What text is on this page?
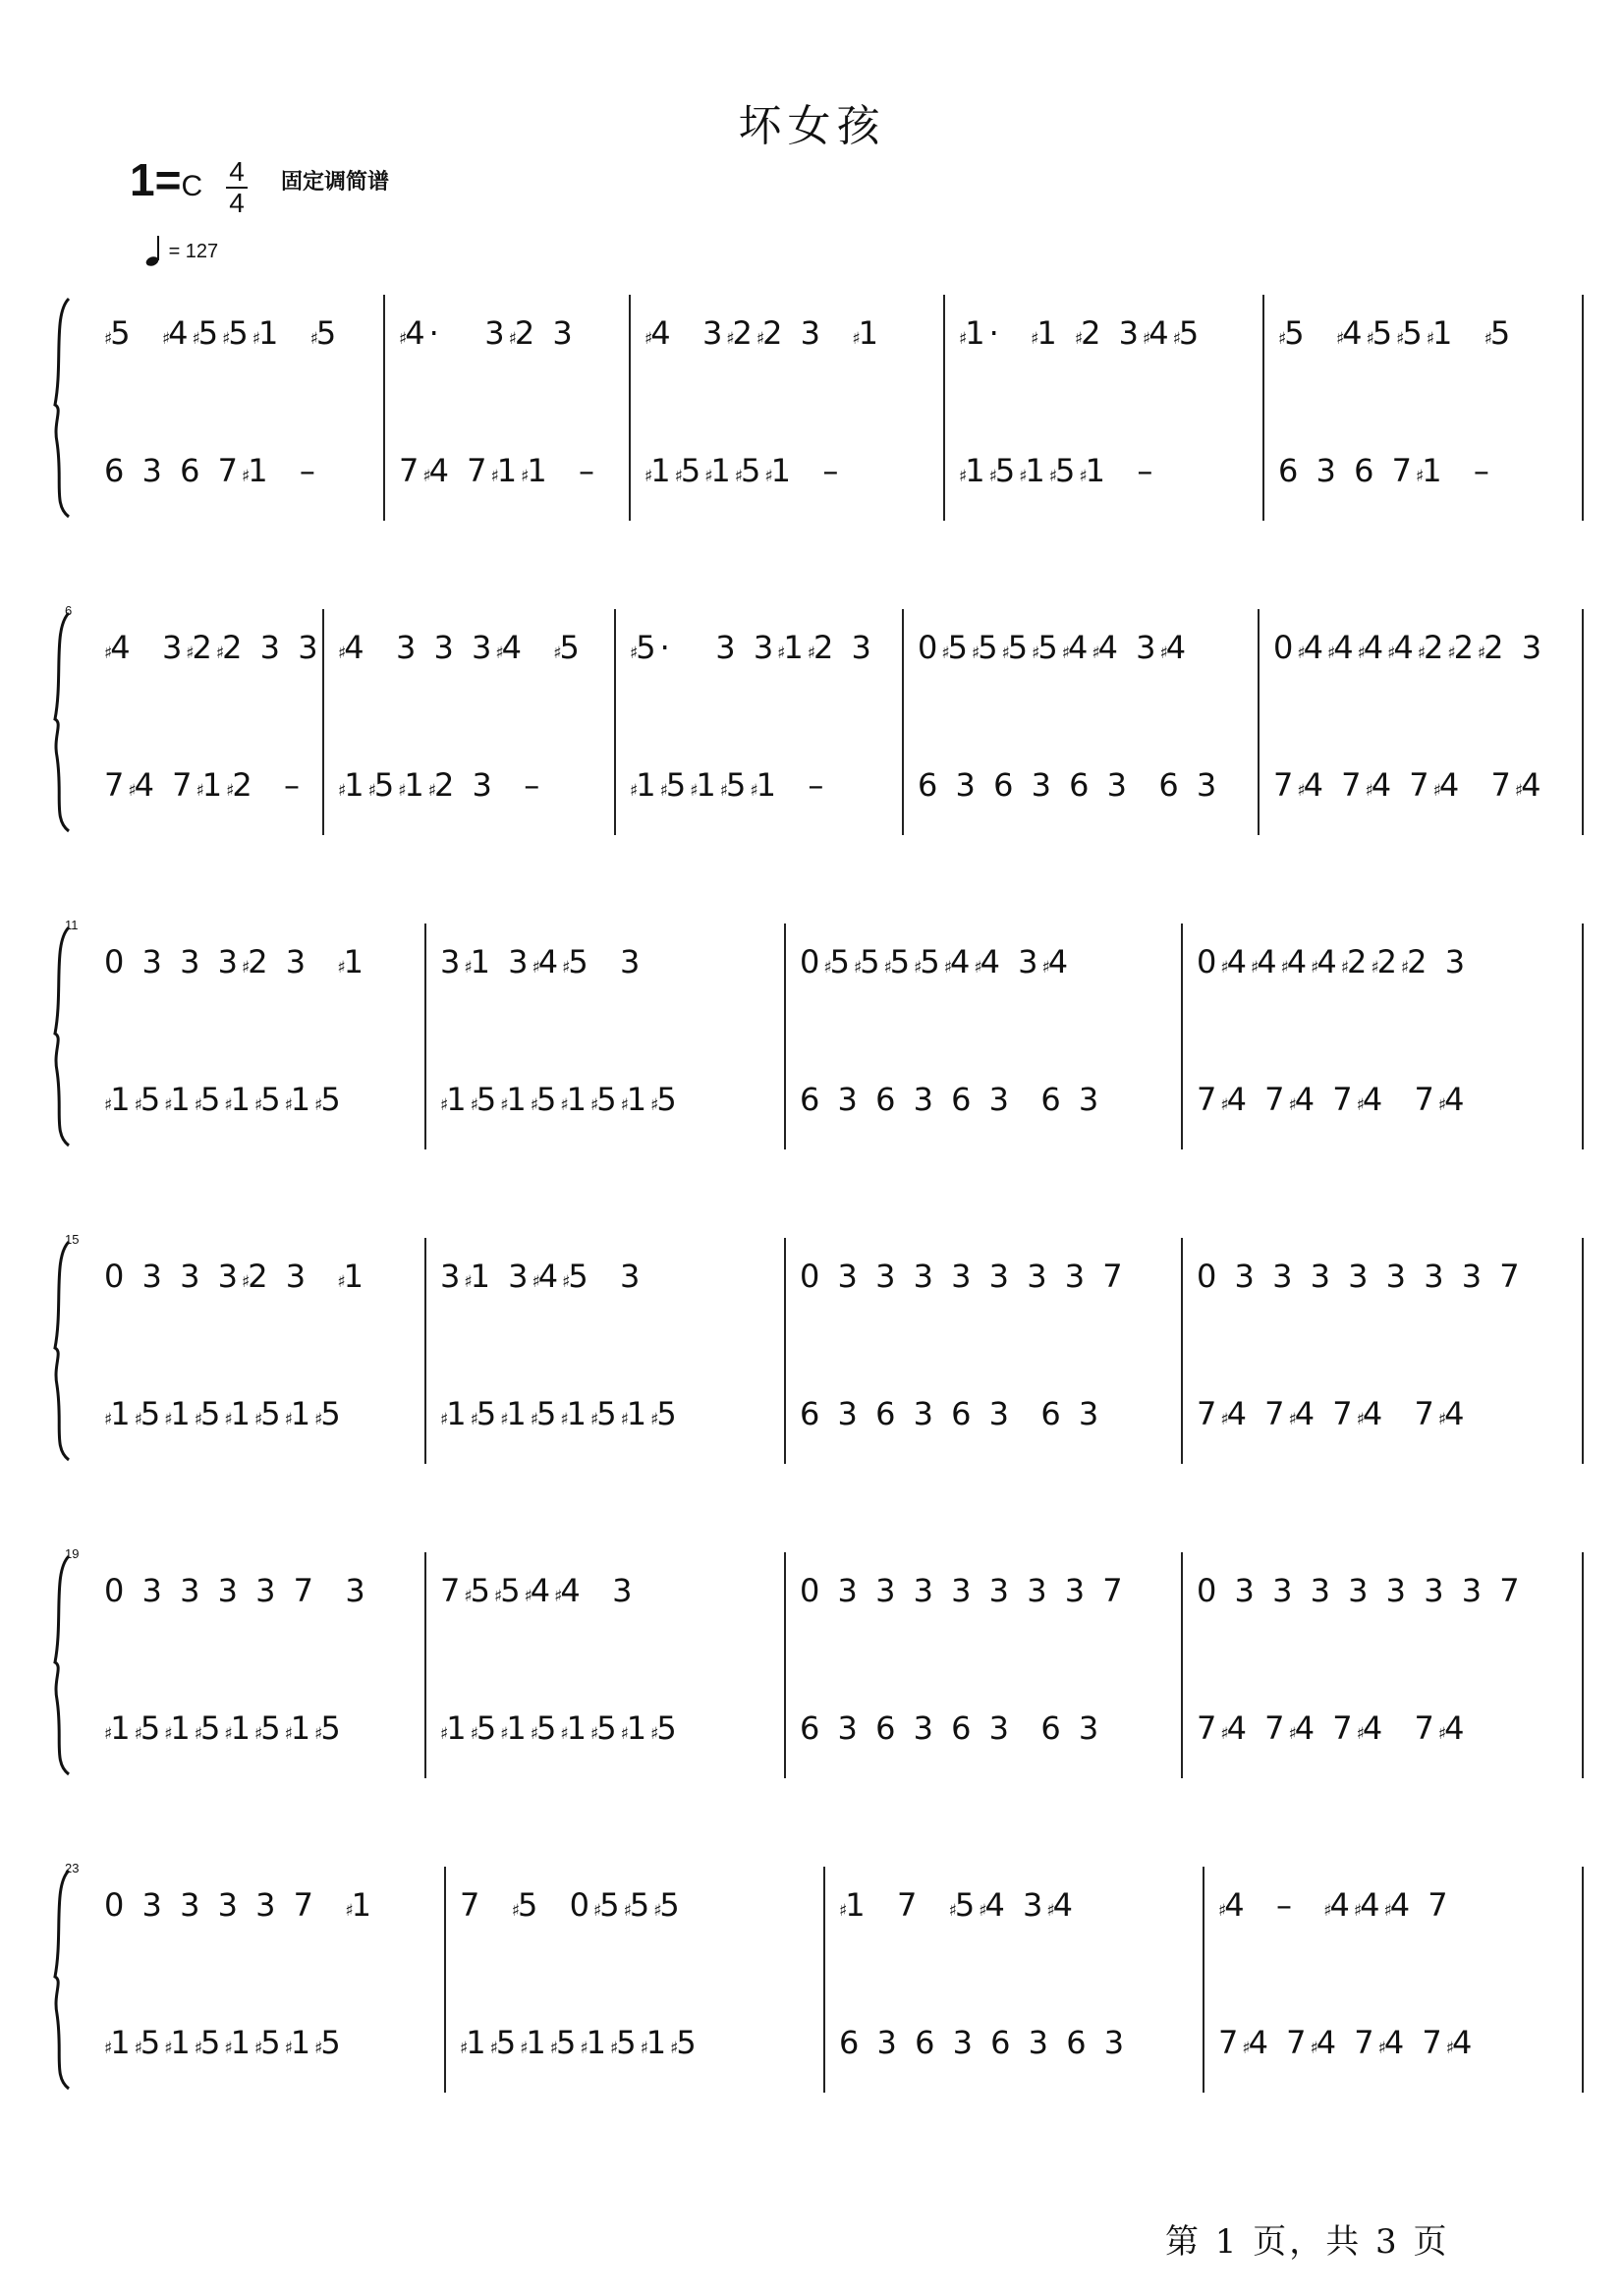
坏女孩
1=C 4
4
固定调简谱
= 127
♯
5 ♯
4 ♯
5 ♯
5 ♯
1 ♯
5	♯
4·   3 ♯
2 3	♯
4  3 ♯
2 ♯
2 3 ♯
1	♯
1· ♯
1 ♯
2 3 ♯
4 ♯
5	♯
5 ♯
4 ♯
5 ♯
5 ♯
1 ♯
5
6 3 6 7 ♯
1  –	7 ♯
4 7 ♯
1 ♯
1  –	♯
1 ♯
5 ♯
1 ♯
5 ♯
1  –	♯
1 ♯
5 ♯
1 ♯
5 ♯
1  –	6 3 6 7 ♯
1  –
6
♯
4  3 ♯
2 ♯
2 3 3 ♯
4  3 3 3 ♯
4 ♯
5	♯
5·   3 3 ♯
1 ♯
2 3 0 ♯
5 ♯
5 ♯
5 ♯
5 ♯
4 ♯
4 3 ♯
4	0 ♯
4 ♯
4 ♯
4 ♯
4 ♯
2 ♯
2 ♯
2 3
7 ♯
4 7 ♯
1 ♯
2  – ♯
1 ♯
5 ♯
1 ♯
2 3  –	♯
1 ♯
5 ♯
1 ♯
5 ♯
1  –	6 3 6 3 6 3  6 3 7 ♯
4 7 ♯
4 7 ♯
4  7 ♯
4
11
0 3 3 3 ♯
2 3 ♯
1 3 ♯
1 3 ♯
4 ♯
5  3	0 ♯
5 ♯
5 ♯
5 ♯
5 ♯
4 ♯
4 3 ♯
4	0 ♯
4 ♯
4 ♯
4 ♯
4 ♯
2 ♯
2 ♯
2 3
♯
1 ♯
5 ♯
1 ♯
5 ♯
1 ♯
5 ♯
1 ♯
5	♯
1 ♯
5 ♯
1 ♯
5 ♯
1 ♯
5 ♯
1 ♯
5	6 3 6 3 6 3  6 3	7 ♯
4 7 ♯
4 7 ♯
4  7 ♯
4
15
0 3 3 3 ♯
2 3 ♯
1 3 ♯
1 3 ♯
4 ♯
5  3	0 3 3 3 3 3 3 3 7 0 3 3 3 3 3 3 3 7
♯
1 ♯
5 ♯
1 ♯
5 ♯
1 ♯
5 ♯
1 ♯
5	♯
1 ♯
5 ♯
1 ♯
5 ♯
1 ♯
5 ♯
1 ♯
5	6 3 6 3 6 3  6 3	7 ♯
4 7 ♯
4 7 ♯
4  7 ♯
4
19
0 3 3 3 3 7  3 7 ♯
5 ♯
5 ♯
4 ♯
4  3	0 3 3 3 3 3 3 3 7 0 3 3 3 3 3 3 3 7
♯
1 ♯
5 ♯
1 ♯
5 ♯
1 ♯
5 ♯
1 ♯
5	♯
1 ♯
5 ♯
1 ♯
5 ♯
1 ♯
5 ♯
1 ♯
5	6 3 6 3 6 3  6 3	7 ♯
4 7 ♯
4 7 ♯
4  7 ♯
4
23
0 3 3 3 3 7 ♯
1	7 ♯
5  0 ♯
5 ♯
5 ♯
5	♯
1  7 ♯
5 ♯
4 3 ♯
4	♯
4  – ♯
4 ♯
4 ♯
4 7
♯
1 ♯
5 ♯
1 ♯
5 ♯
1 ♯
5 ♯
1 ♯
5	♯
1 ♯
5 ♯
1 ♯
5 ♯
1 ♯
5 ♯
1 ♯
5	6 3 6 3 6 3 6 3	7 ♯
4 7 ♯
4 7 ♯
4 7 ♯
4
第 1 页，共 3 页
